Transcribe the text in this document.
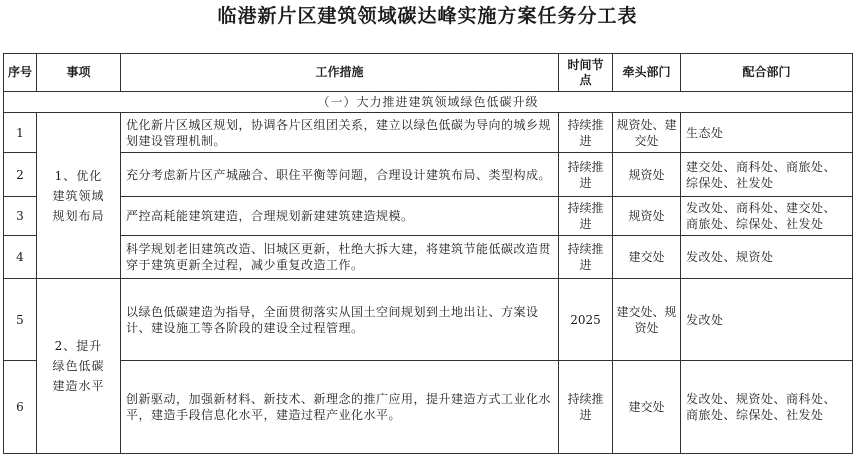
临港新片区建筑领域碳达峰实施方案任务分工表
序号	事项	工作措施	时间节点	牵头部门	配合部门
（一）大力推进建筑领域绿色低碳升级					
1	1、优化建筑领域规划布局	优化新片区城区规划，协调各片区组团关系，建立以绿色低碳为导向的城乡规划建设管理机制。	持续推进	规资处、建交处	生态处
2		充分考虑新片区产城融合、职住平衡等问题，合理设计建筑布局、类型构成。	持续推进	规资处	建交处、商科处、商旅处、综保处、社发处
3		严控高耗能建筑建造，合理规划新建建筑建造规模。	持续推进	规资处	发改处、商科处、建交处、商旅处、综保处、社发处
4		科学规划老旧建筑改造、旧城区更新，杜绝大拆大建，将建筑节能低碳改造贯穿于建筑更新全过程，减少重复改造工作。	持续推进	建交处	发改处、规资处
5	2、提升绿色低碳建造水平	以绿色低碳建造为指导，全面贯彻落实从国土空间规划到土地出让、方案设计、建设施工等各阶段的建设全过程管理。	2025	建交处、规资处	发改处
6		创新驱动，加强新材料、新技术、新理念的推广应用，提升建造方式工业化水平，建造手段信息化水平，建造过程产业化水平。	持续推进	建交处	发改处、规资处、商科处、商旅处、综保处、社发处
